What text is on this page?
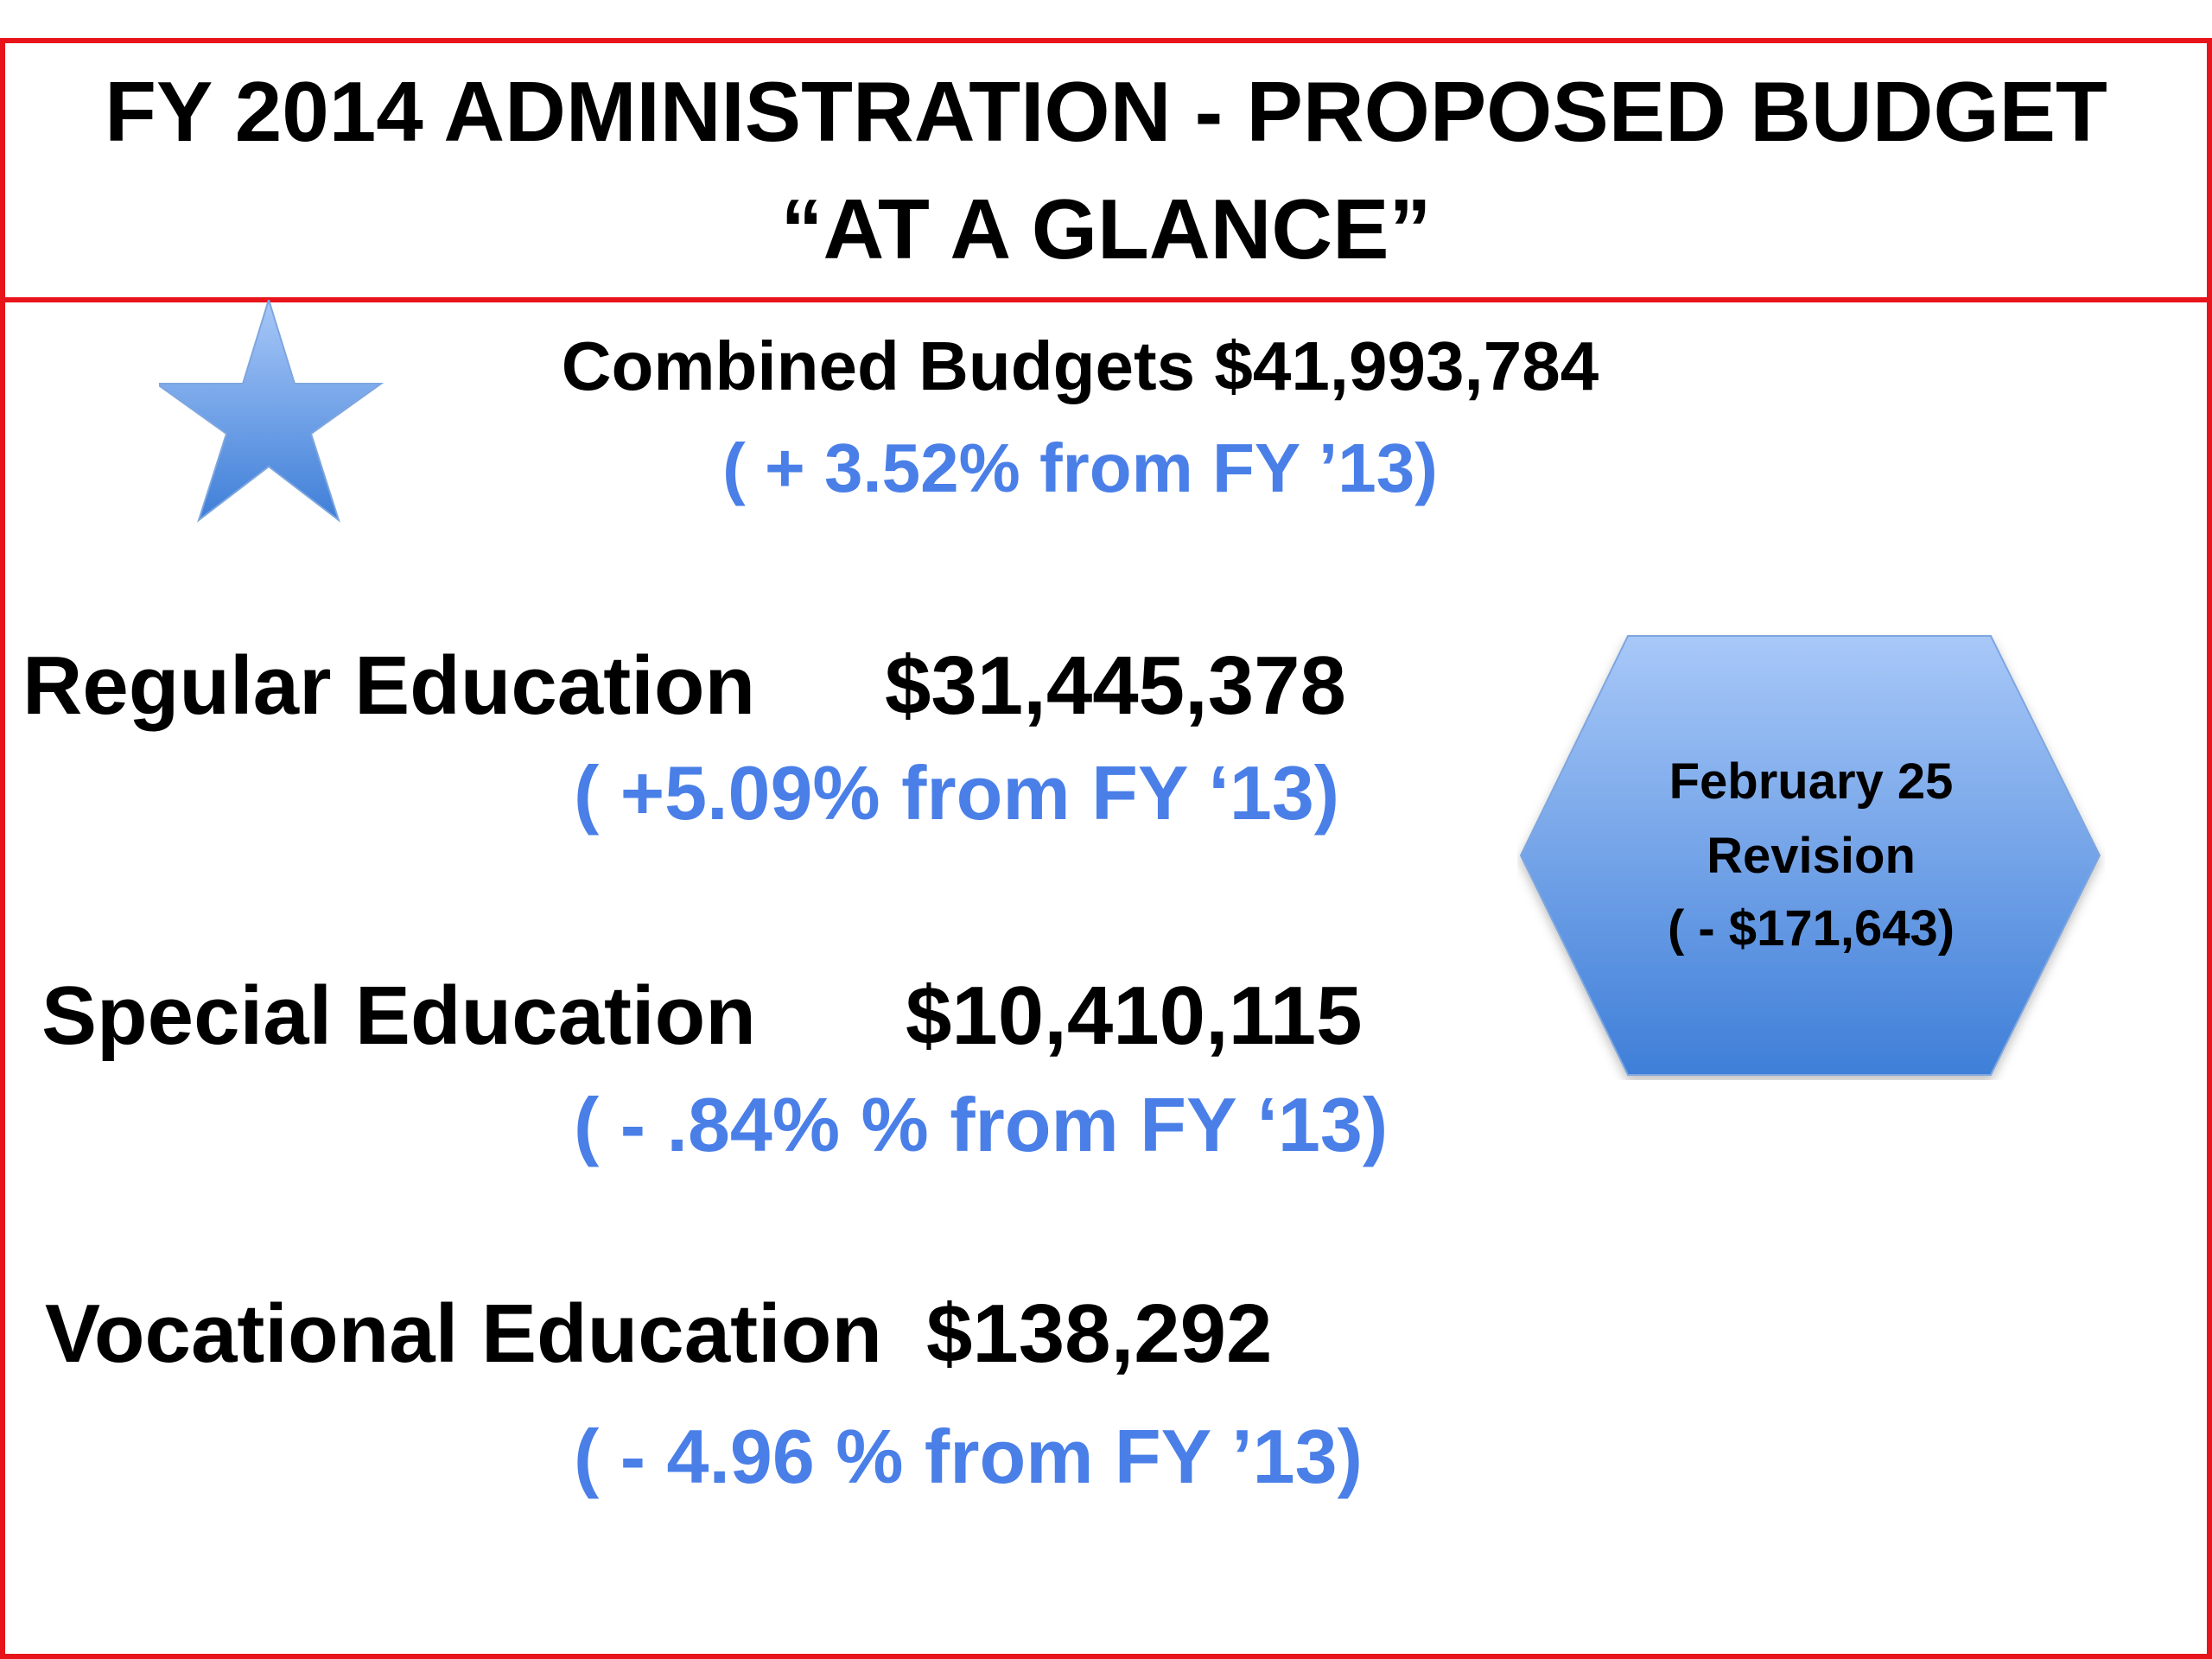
FY 2014 ADMINISTRATION - PROPOSED BUDGET
“AT A GLANCE”
Combined Budgets $41,993,784
( + 3.52% from FY ’13)
Regular Education $31,445,378
( +5.09% from FY ‘13)
Special Education $10,410,115
( - .84% % from FY ‘13)
Vocational Education $138,292
( - 4.96 % from FY ’13)
February 25
Revision
( - $171,643)
